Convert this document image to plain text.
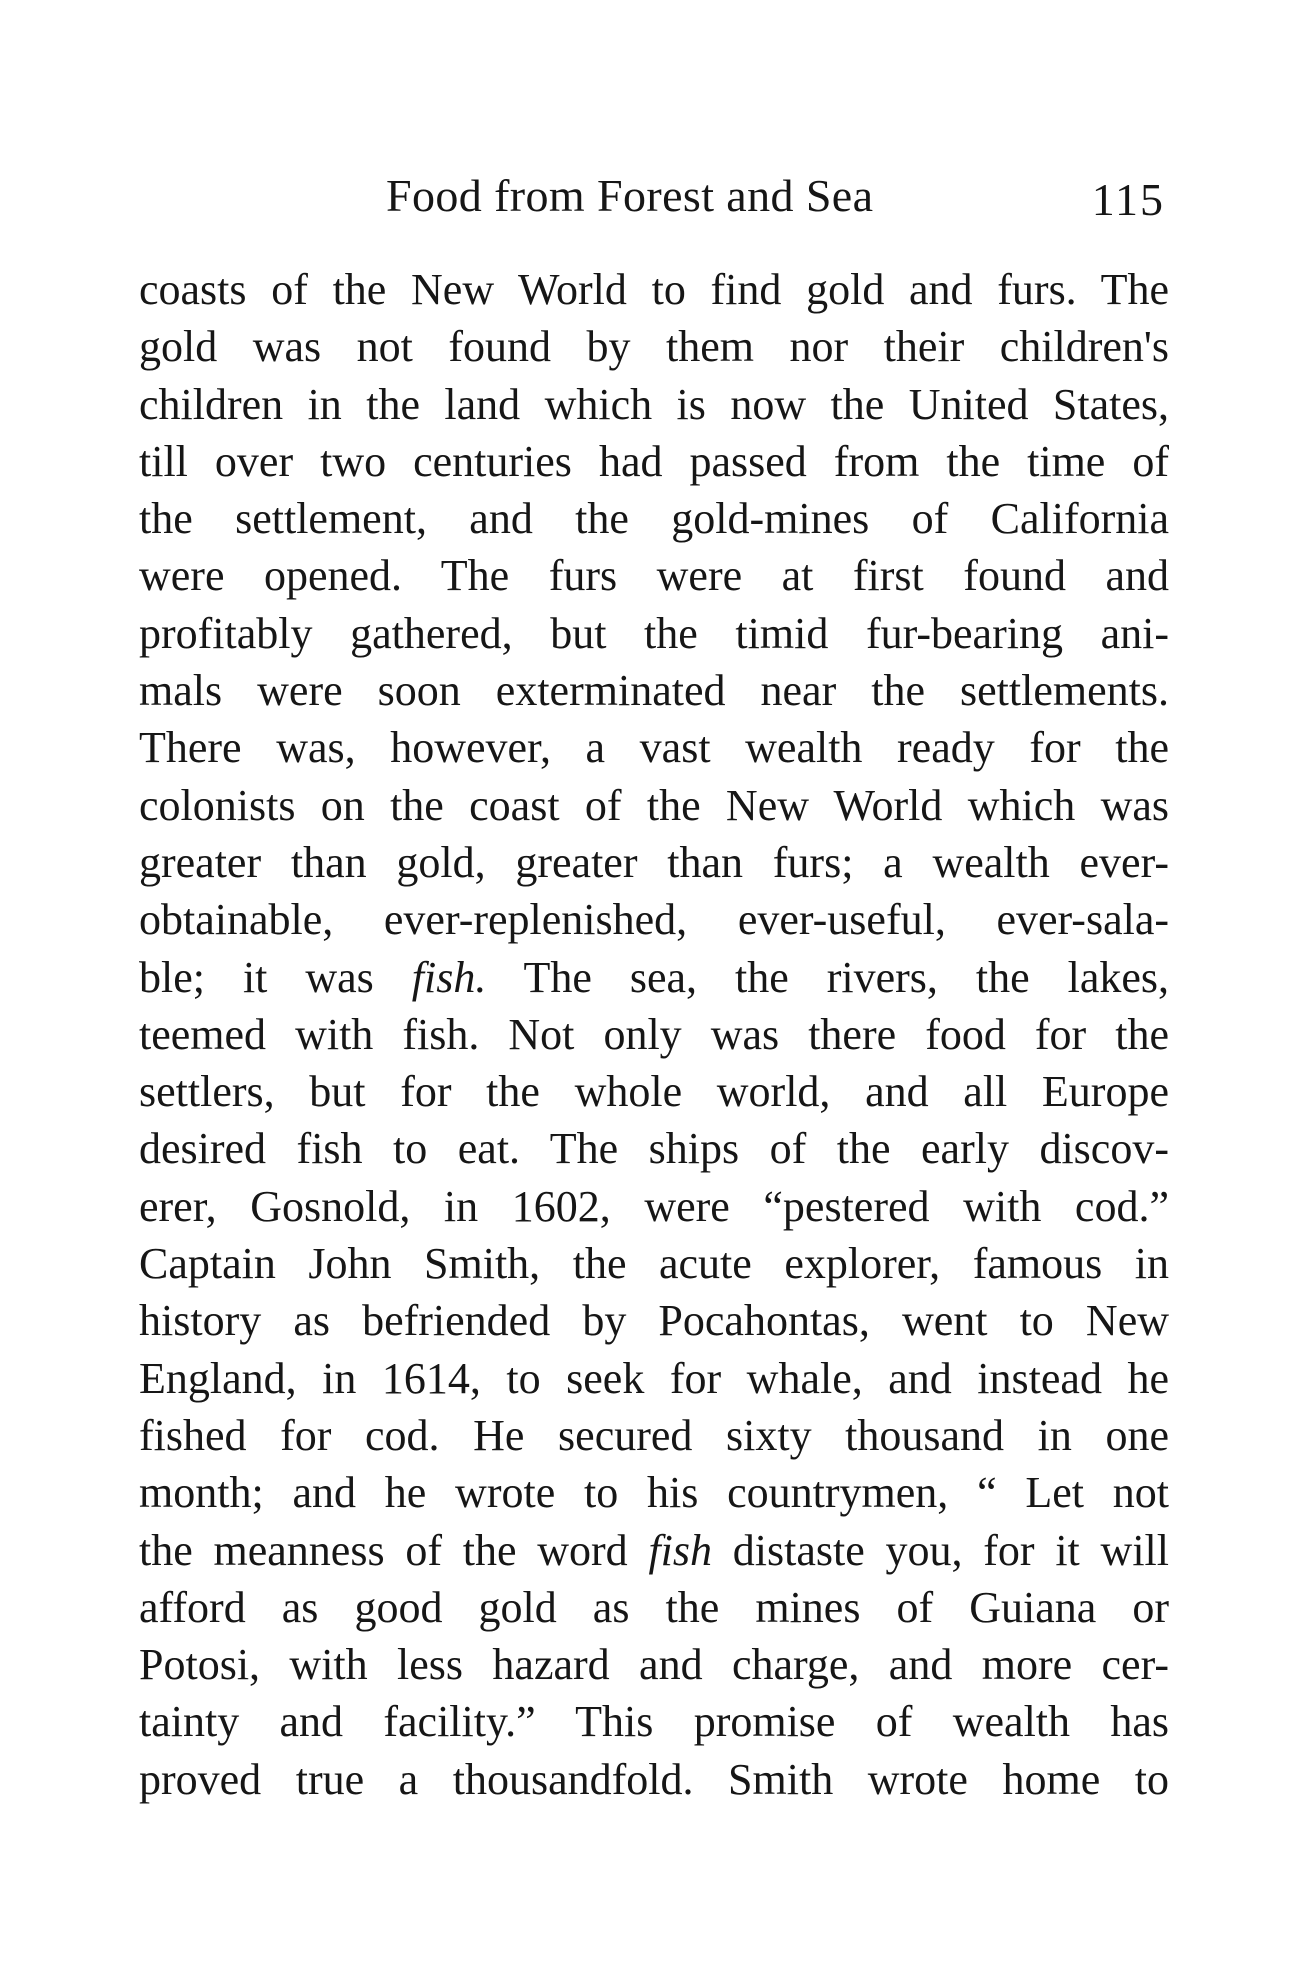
Food from Forest and Sea	115
coasts of the New World to find gold and furs. The
gold was not found by them nor their children's
children in the land which is now the United States,
till over two centuries had passed from the time of
the settlement, and the gold-mines of California
were opened. The furs were at first found and
profitably gathered, but the timid fur-bearing ani-
mals were soon exterminated near the settlements.
There was, however, a vast wealth ready for the
colonists on the coast of the New World which was
greater than gold, greater than furs; a wealth ever-
obtainable, ever-replenished, ever-useful, ever-sala-
ble; it was fish. The sea, the rivers, the lakes,
teemed with fish. Not only was there food for the
settlers, but for the whole world, and all Europe
desired fish to eat. The ships of the early discov-
erer, Gosnold, in 1602, were “pestered with cod.”
Captain John Smith, the acute explorer, famous in
history as befriended by Pocahontas, went to New
England, in 1614, to seek for whale, and instead he
fished for cod. He secured sixty thousand in one
month; and he wrote to his countrymen, “ Let not
the meanness of the word fish distaste you, for it will
afford as good gold as the mines of Guiana or
Potosi, with less hazard and charge, and more cer-
tainty and facility.” This promise of wealth has
proved true a thousandfold. Smith wrote home to
